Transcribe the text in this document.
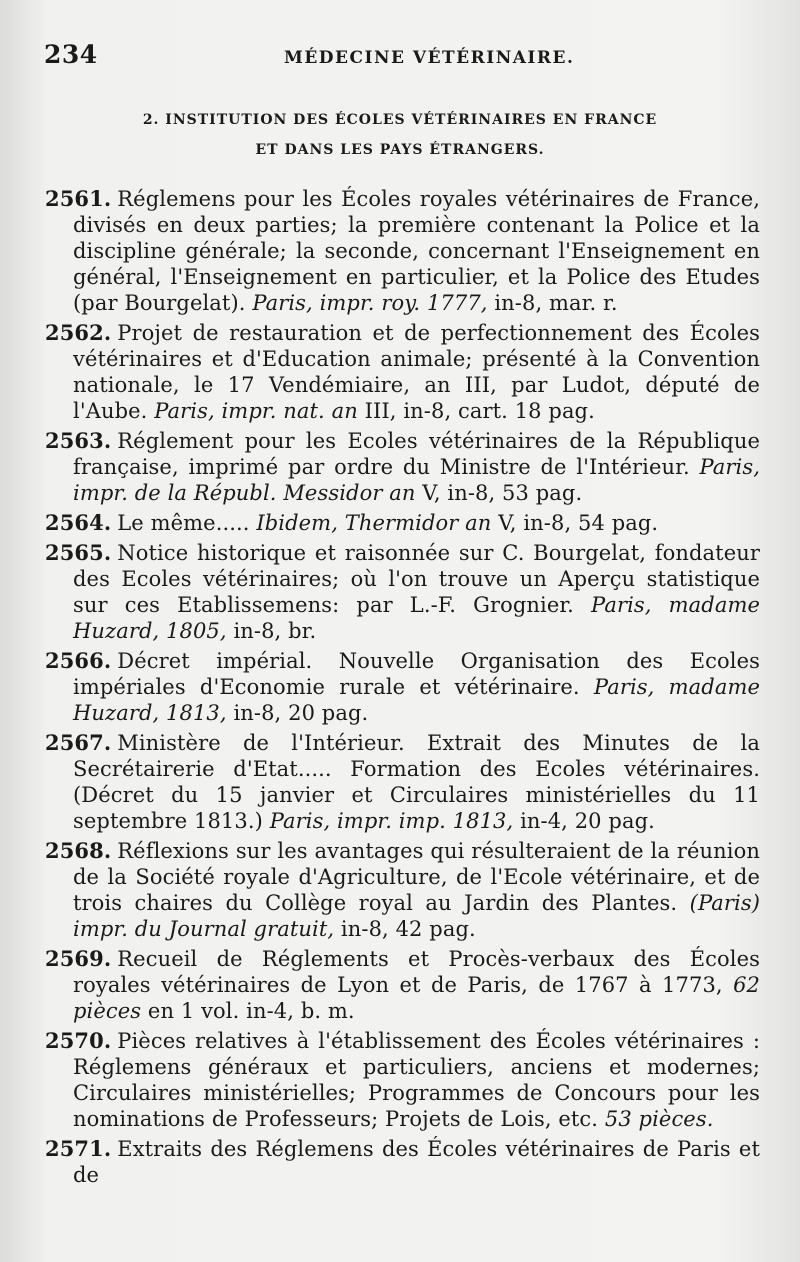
234	MÉDECINE VÉTÉRINAIRE.
2. INSTITUTION DES ÉCOLES VÉTÉRINAIRES EN FRANCE
ET DANS LES PAYS ÉTRANGERS.

2561. Réglemens pour les Écoles royales vétérinaires de France, divisés en deux parties; la première contenant la Police et la discipline générale; la seconde, concernant l'Enseignement en général, l'Enseignement en particulier, et la Police des Etudes (par Bourgelat). Paris, impr. roy. 1777, in-8, mar. r.

2562. Projet de restauration et de perfectionnement des Écoles vétérinaires et d'Education animale; présenté à la Convention nationale, le 17 Vendémiaire, an III, par Ludot, député de l'Aube. Paris, impr. nat. an III, in-8, cart. 18 pag.

2563. Réglement pour les Ecoles vétérinaires de la République française, imprimé par ordre du Ministre de l'Intérieur. Paris, impr. de la Républ. Messidor an V, in-8, 53 pag.

2564. Le même..... Ibidem, Thermidor an V, in-8, 54 pag.

2565. Notice historique et raisonnée sur C. Bourgelat, fondateur des Ecoles vétérinaires; où l'on trouve un Aperçu statistique sur ces Etablissemens: par L.-F. Grognier. Paris, madame Huzard, 1805, in-8, br.

2566. Décret impérial. Nouvelle Organisation des Ecoles impériales d'Economie rurale et vétérinaire. Paris, madame Huzard, 1813, in-8, 20 pag.

2567. Ministère de l'Intérieur. Extrait des Minutes de la Secrétairerie d'Etat..... Formation des Ecoles vétérinaires. (Décret du 15 janvier et Circulaires ministérielles du 11 septembre 1813.) Paris, impr. imp. 1813, in-4, 20 pag.

2568. Réflexions sur les avantages qui résulteraient de la réunion de la Société royale d'Agriculture, de l'Ecole vétérinaire, et de trois chaires du Collège royal au Jardin des Plantes. (Paris) impr. du Journal gratuit, in-8, 42 pag.

2569. Recueil de Réglements et Procès-verbaux des Écoles royales vétérinaires de Lyon et de Paris, de 1767 à 1773, 62 pièces en 1 vol. in-4, b. m.

2570. Pièces relatives à l'établissement des Écoles vétérinaires : Réglemens généraux et particuliers, anciens et modernes; Circulaires ministérielles; Programmes de Concours pour les nominations de Professeurs; Projets de Lois, etc. 53 pièces.

2571. Extraits des Réglemens des Écoles vétérinaires de Paris et de
